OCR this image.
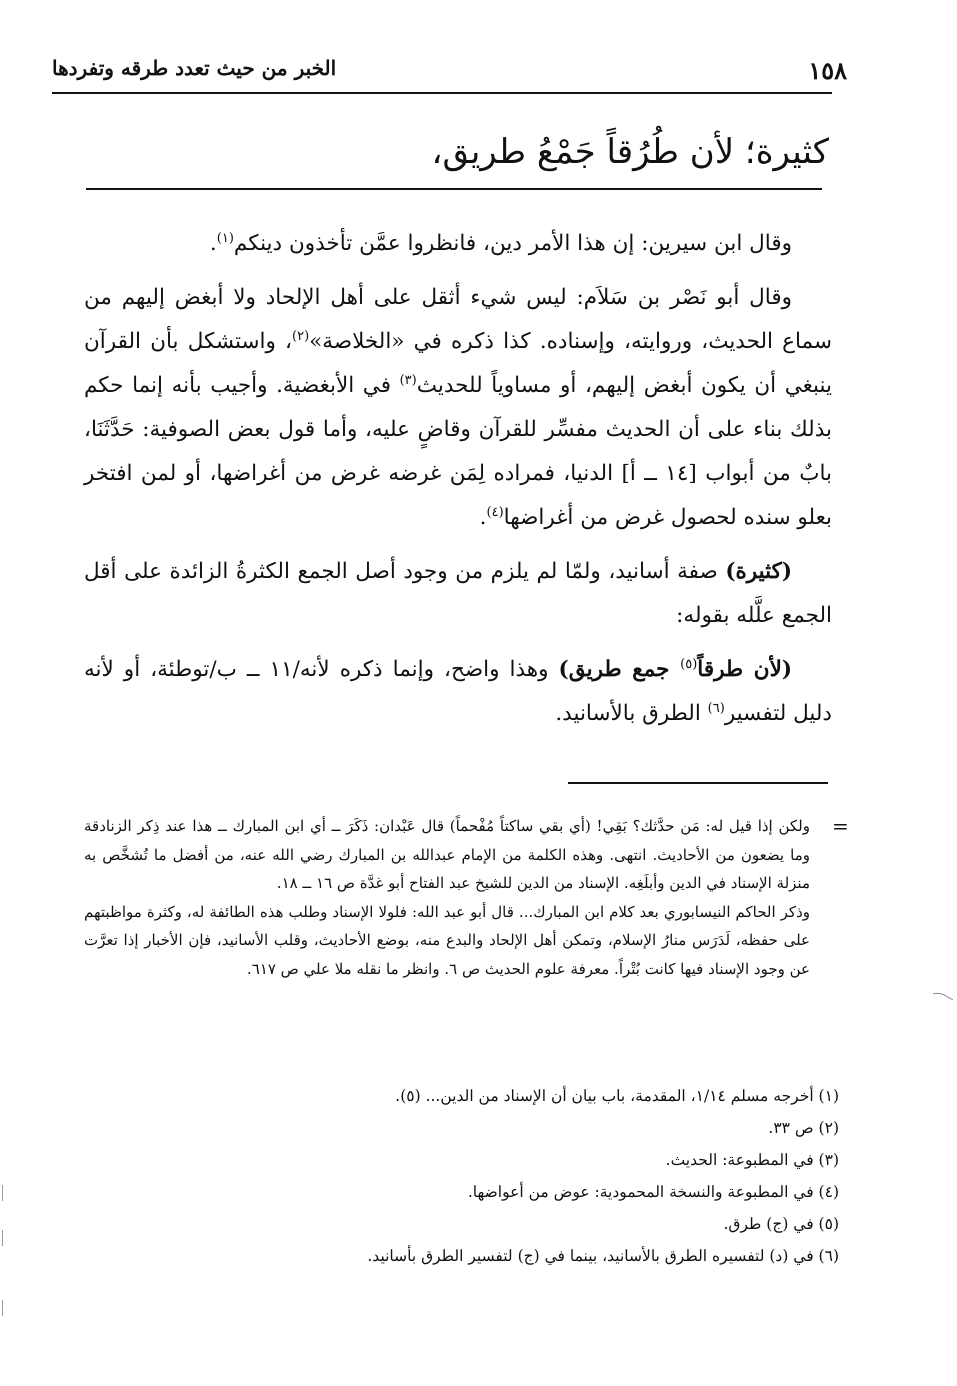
١٥٨
الخبر من حيث تعدد طرقه وتفردها
كثيرة؛ لأن طُرُقاً جَمْعُ طريق،

وقال ابن سيرين: إن هذا الأمر دين، فانظروا عمَّن تأخذون دينكم$^{(١)}$.

وقال أبو نَصْر بن سَلاَم: ليس شيء أثقل على أهل الإلحاد ولا أبغض إليهم من سماع الحديث، وروايته، وإسناده. كذا ذكره في «الخلاصة»$^{(٢)}$، واستشكل بأن القرآن ينبغي أن يكون أبغض إليهم، أو مساوياً للحديث$^{(٣)}$ في الأبغضية. وأجيب بأنه إنما حكم بذلك بناء على أن الحديث مفسِّر للقرآن وقاضٍ عليه، وأما قول بعض الصوفية: حَدَّثَنَا، بابٌ من أبواب [١٤ ــ أ] الدنيا، فمراده لِمَن غرضه غرض من أغراضها، أو لمن افتخر بعلو سنده لحصول غرض من أغراضها$^{(٤)}$.

(كثيرة) صفة أسانيد، ولمّا لم يلزم من وجود أصل الجمع الكثرةُ الزائدة على أقل الجمع علَّله بقوله:

(لأن طرقاً$^{(٥)}$ جمع طريق) وهذا واضح، وإنما ذكره لأنه/١١ ــ ب/توطئة، أو لأنه دليل لتفسير$^{(٦)}$ الطرق بالأسانيد.

=

ولكن إذا قيل له: مَن حدَّثك؟ بَقِي! (أي بقي ساكتاً مُفْحماً) قال عَبْدان: ذَكَرَ ــ أي ابن المبارك ــ هذا عند ذِكر الزنادقة وما يضعون من الأحاديث. انتهى. وهذه الكلمة من الإمام عبدالله بن المبارك رضي الله عنه، من أفضل ما تُشخَّص به منزلة الإسناد في الدين وأبلَغِه. الإسناد من الدين للشيخ عبد الفتاح أبو غدَّة ص ١٦ ــ ١٨.

وذكر الحاكم النيسابوري بعد كلام ابن المبارك... قال أبو عبد الله: فلولا الإسناد وطلب هذه الطائفة له، وكثرة مواظبتهم على حفظه، لَدَرَس منارُ الإسلام، وتمكن أهل الإلحاد والبدع منه، بوضع الأحاديث، وقلب الأسانيد، فإن الأخبار إذا تعرَّت عن وجود الإسناد فيها كانت بُتْراً. معرفة علوم الحديث ص ٦. وانظر ما نقله ملا علي ص ٦١٧.

(١) أخرجه مسلم ١/١٤، المقدمة، باب بيان أن الإسناد من الدين... (٥).
(٢) ص ٣٣.
(٣) في المطبوعة: الحديث.
(٤) في المطبوعة والنسخة المحمودية: عوض من أعواضها.
(٥) في (ج) طرق.
(٦) في (د) لتفسيره الطرق بالأسانيد، بينما في (ج) لتفسير الطرق بأسانيد.
